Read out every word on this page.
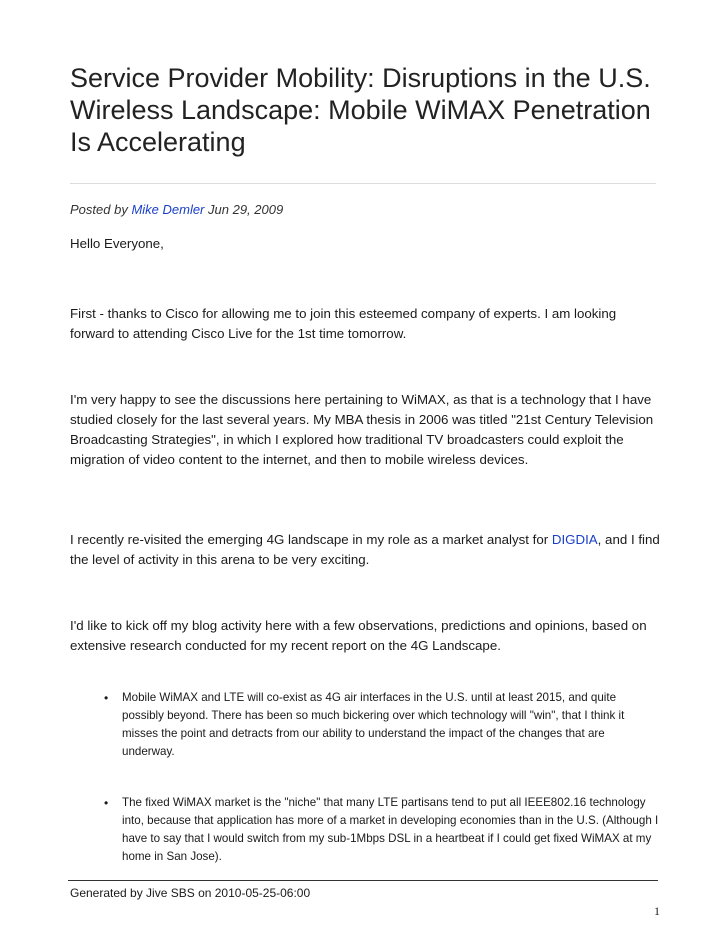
Service Provider Mobility: Disruptions in the U.S. Wireless Landscape: Mobile WiMAX Penetration Is Accelerating
Posted by Mike Demler Jun 29, 2009

Hello Everyone,

First - thanks to Cisco for allowing me to join this esteemed company of experts. I am looking forward to attending Cisco Live for the 1st time tomorrow.

I'm very happy to see the discussions here pertaining to WiMAX, as that is a technology that I have studied closely for the last several years. My MBA thesis in 2006 was titled "21st Century Television Broadcasting Strategies", in which I explored how traditional TV broadcasters could exploit the migration of video content to the internet, and then to mobile wireless devices.

I recently re-visited the emerging 4G landscape in my role as a market analyst for DIGDIA, and I find the level of activity in this arena to be very exciting.

I'd like to kick off my blog activity here with a few observations, predictions and opinions, based on extensive research conducted for my recent report on the 4G Landscape.

• Mobile WiMAX and LTE will co-exist as 4G air interfaces in the U.S. until at least 2015, and quite possibly beyond. There has been so much bickering over which technology will "win", that I think it misses the point and detracts from our ability to understand the impact of the changes that are underway.
• The fixed WiMAX market is the "niche" that many LTE partisans tend to put all IEEE802.16 technology into, because that application has more of a market in developing economies than in the U.S. (Although I have to say that I would switch from my sub-1Mbps DSL in a heartbeat if I could get fixed WiMAX at my home in San Jose).
Generated by Jive SBS on 2010-05-25-06:00
1
